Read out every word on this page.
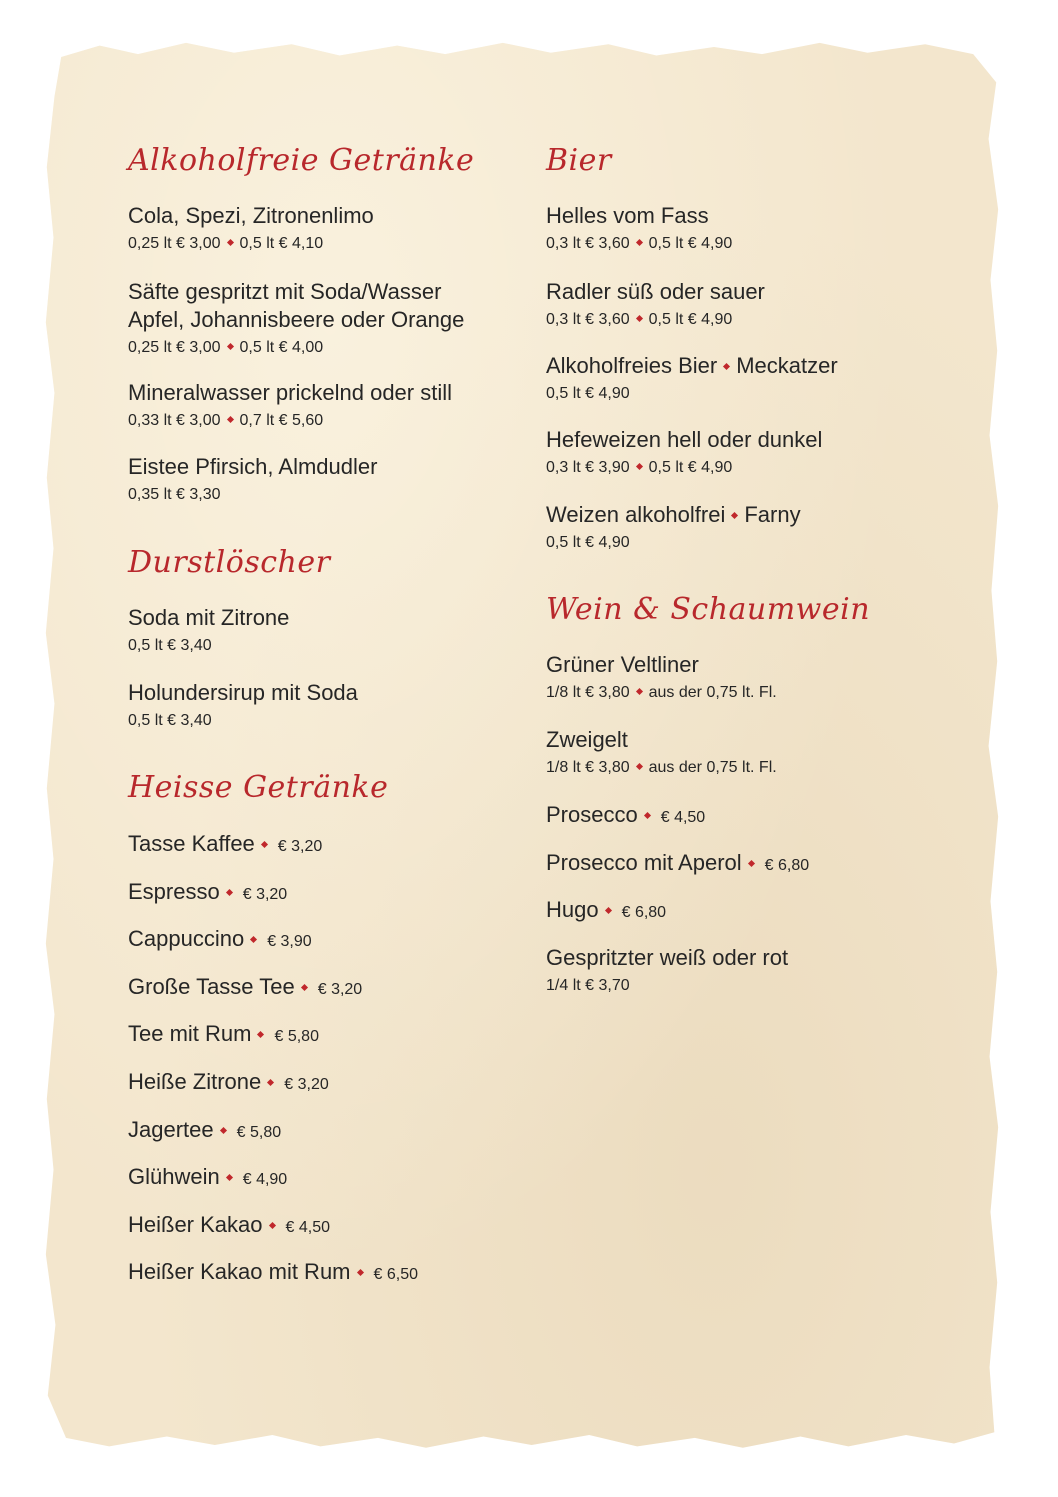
Alkoholfreie Getränke
Cola, Spezi, Zitronenlimo
0,25 lt € 3,00 0,5 lt € 4,10
Säfte gespritzt mit Soda/Wasser
Apfel, Johannisbeere oder Orange
0,25 lt € 3,00 0,5 lt € 4,00
Mineralwasser prickelnd oder still
0,33 lt € 3,00 0,7 lt € 5,60
Eistee Pfirsich, Almdudler
0,35 lt € 3,30
Durstlöscher
Soda mit Zitrone
0,5 lt € 3,40
Holundersirup mit Soda
0,5 lt € 3,40
Heisse Getränke
Tasse Kaffee € 3,20
Espresso € 3,20
Cappuccino € 3,90
Große Tasse Tee € 3,20
Tee mit Rum € 5,80
Heiße Zitrone € 3,20
Jagertee € 5,80
Glühwein € 4,90
Heißer Kakao € 4,50
Heißer Kakao mit Rum € 6,50
Bier
Helles vom Fass
0,3 lt € 3,60 0,5 lt € 4,90
Radler süß oder sauer
0,3 lt € 3,60 0,5 lt € 4,90
Alkoholfreies Bier Meckatzer
0,5 lt € 4,90
Hefeweizen hell oder dunkel
0,3 lt € 3,90 0,5 lt € 4,90
Weizen alkoholfrei Farny
0,5 lt € 4,90
Wein & Schaumwein
Grüner Veltliner
1/8 lt € 3,80 aus der 0,75 lt. Fl.
Zweigelt
1/8 lt € 3,80 aus der 0,75 lt. Fl.
Prosecco € 4,50
Prosecco mit Aperol € 6,80
Hugo € 6,80
Gespritzter weiß oder rot
1/4 lt € 3,70
